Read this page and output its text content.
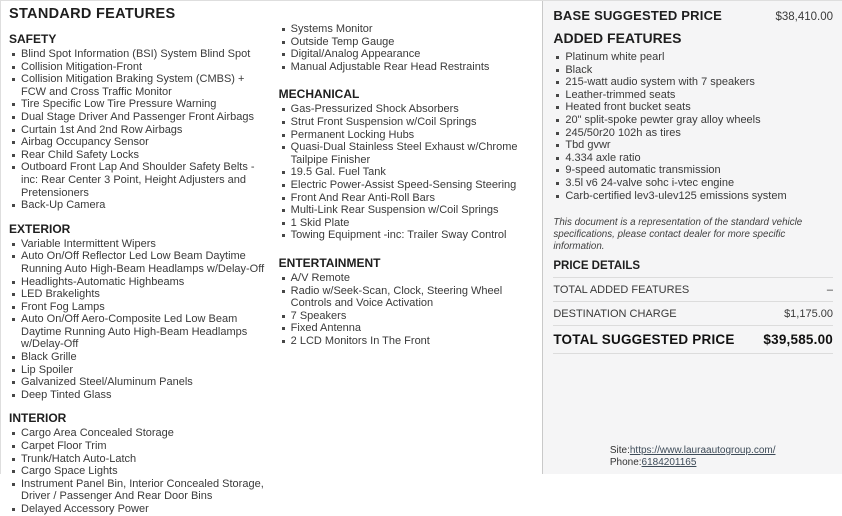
STANDARD FEATURES
SAFETY
Blind Spot Information (BSI) System Blind Spot
Collision Mitigation-Front
Collision Mitigation Braking System (CMBS) + FCW and Cross Traffic Monitor
Tire Specific Low Tire Pressure Warning
Dual Stage Driver And Passenger Front Airbags
Curtain 1st And 2nd Row Airbags
Airbag Occupancy Sensor
Rear Child Safety Locks
Outboard Front Lap And Shoulder Safety Belts -inc: Rear Center 3 Point, Height Adjusters and Pretensioners
Back-Up Camera
EXTERIOR
Variable Intermittent Wipers
Auto On/Off Reflector Led Low Beam Daytime Running Auto High-Beam Headlamps w/Delay-Off
Headlights-Automatic Highbeams
LED Brakelights
Front Fog Lamps
Auto On/Off Aero-Composite Led Low Beam Daytime Running Auto High-Beam Headlamps w/Delay-Off
Black Grille
Lip Spoiler
Galvanized Steel/Aluminum Panels
Deep Tinted Glass
INTERIOR
Cargo Area Concealed Storage
Carpet Floor Trim
Trunk/Hatch Auto-Latch
Cargo Space Lights
Instrument Panel Bin, Interior Concealed Storage, Driver / Passenger And Rear Door Bins
Delayed Accessory Power
Systems Monitor
Outside Temp Gauge
Digital/Analog Appearance
Manual Adjustable Rear Head Restraints
MECHANICAL
Gas-Pressurized Shock Absorbers
Strut Front Suspension w/Coil Springs
Permanent Locking Hubs
Quasi-Dual Stainless Steel Exhaust w/Chrome Tailpipe Finisher
19.5 Gal. Fuel Tank
Electric Power-Assist Speed-Sensing Steering
Front And Rear Anti-Roll Bars
Multi-Link Rear Suspension w/Coil Springs
1 Skid Plate
Towing Equipment -inc: Trailer Sway Control
ENTERTAINMENT
A/V Remote
Radio w/Seek-Scan, Clock, Steering Wheel Controls and Voice Activation
7 Speakers
Fixed Antenna
2 LCD Monitors In The Front
BASE SUGGESTED PRICE	$38,410.00
ADDED FEATURES
Platinum white pearl
Black
215-watt audio system with 7 speakers
Leather-trimmed seats
Heated front bucket seats
20" split-spoke pewter gray alloy wheels
245/50r20 102h as tires
Tbd gvwr
4.334 axle ratio
9-speed automatic transmission
3.5l v6 24-valve sohc i-vtec engine
Carb-certified lev3-ulev125 emissions system
This document is a representation of the standard vehicle specifications, please contact dealer for more specific information.
PRICE DETAILS
TOTAL ADDED FEATURES	–
DESTINATION CHARGE	$1,175.00
TOTAL SUGGESTED PRICE $39,585.00
Site:https://www.lauraautogroup.com/
Phone:6184201165
